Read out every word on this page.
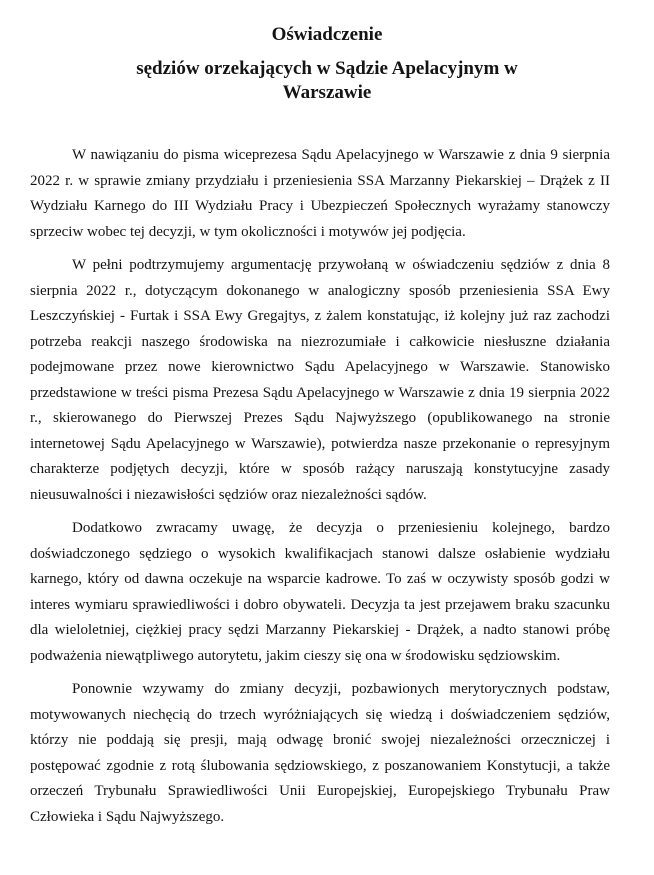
Oświadczenie
sędziów orzekających w Sądzie Apelacyjnym w
Warszawie

W nawiązaniu do pisma wiceprezesa Sądu Apelacyjnego w Warszawie z dnia 9 sierpnia 2022 r. w sprawie zmiany przydziału i przeniesienia SSA Marzanny Piekarskiej – Drążek z II Wydziału Karnego do III Wydziału Pracy i Ubezpieczeń Społecznych wyrażamy stanowczy sprzeciw wobec tej decyzji, w tym okoliczności i motywów jej podjęcia.

W pełni podtrzymujemy argumentację przywołaną w oświadczeniu sędziów z dnia 8 sierpnia 2022 r., dotyczącym dokonanego w analogiczny sposób przeniesienia SSA Ewy Leszczyńskiej - Furtak i SSA Ewy Gregajtys, z żalem konstatując, iż kolejny już raz zachodzi potrzeba reakcji naszego środowiska na niezrozumiałe i całkowicie niesłuszne działania podejmowane przez nowe kierownictwo Sądu Apelacyjnego w Warszawie. Stanowisko przedstawione w treści pisma Prezesa Sądu Apelacyjnego w Warszawie z dnia 19 sierpnia 2022 r., skierowanego do Pierwszej Prezes Sądu Najwyższego (opublikowanego na stronie internetowej Sądu Apelacyjnego w Warszawie), potwierdza nasze przekonanie o represyjnym charakterze podjętych decyzji, które w sposób rażący naruszają konstytucyjne zasady nieusuwalności i niezawisłości sędziów oraz niezależności sądów.

Dodatkowo zwracamy uwagę, że decyzja o przeniesieniu kolejnego, bardzo doświadczonego sędziego o wysokich kwalifikacjach stanowi dalsze osłabienie wydziału karnego, który od dawna oczekuje na wsparcie kadrowe. To zaś w oczywisty sposób godzi w interes wymiaru sprawiedliwości i dobro obywateli. Decyzja ta jest przejawem braku szacunku dla wieloletniej, ciężkiej pracy sędzi Marzanny Piekarskiej - Drążek, a nadto stanowi próbę podważenia niewątpliwego autorytetu, jakim cieszy się ona w środowisku sędziowskim.

Ponownie wzywamy do zmiany decyzji, pozbawionych merytorycznych podstaw, motywowanych niechęcią do trzech wyróżniających się wiedzą i doświadczeniem sędziów, którzy nie poddają się presji, mają odwagę bronić swojej niezależności orzeczniczej i postępować zgodnie z rotą ślubowania sędziowskiego, z poszanowaniem Konstytucji, a także orzeczeń Trybunału Sprawiedliwości Unii Europejskiej, Europejskiego Trybunału Praw Człowieka i Sądu Najwyższego.
